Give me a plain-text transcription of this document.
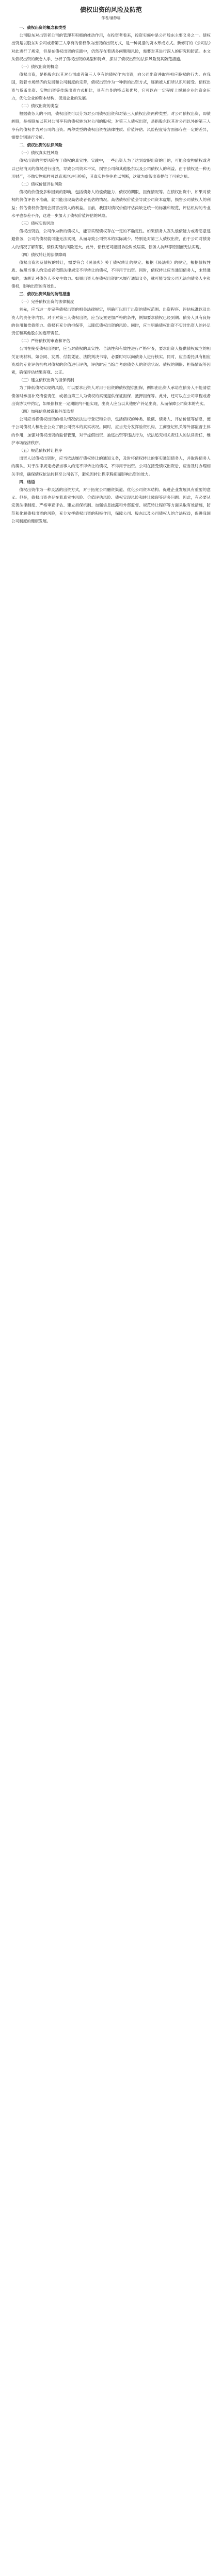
债权出资的风险及防范
作者/潘静瑶
一、债权出资的概念和类型

公司股东对出资者公司的管理有积极的推动作用，在投资者看来，投资实施中是公司股东主要义务之一。债权出资是以股东对公司或者第三人享有的债权作为出资的出资方式，是一种灵活的资本形成方式。新修订的《公司法》对此进行了规定，但是在债权出资的实践中，仍然存在着诸多问题和风险，需要对其进行深入的研究和防范。本文从债权出资的概念入手，分析了债权出资的类型和特点，探讨了债权出资的法律风险及其防范措施。

（一）债权出资的概念

债权出资，是指股东以其对公司或者第三人享有的债权作为出资，向公司出资并取得相应股权的行为。在我国，随着市场经济的发展和公司制度的完善，债权出资作为一种新的出资方式，逐渐被人们所认识和接受。债权出资与货币出资、实物出资等传统出资方式相比，具有自身的特点和优势，它可以在一定程度上缓解企业的资金压力，优化企业的资本结构，促进企业的发展。

（二）债权出资的类型

根据债务人的不同，债权出资可以分为对公司债权出资和对第三人债权出资两种类型。对公司债权出资，即债转股，是指股东以其对公司享有的债权转为对公司的股权；对第三人债权出资，是指股东以其对公司以外的第三人享有的债权作为对公司的出资。两种类型的债权出资在法律性质、价值评估、风险程度等方面都存在一定的差异，需要分别进行分析。

二、债权出资的法律风险

（一）债权真实性风险

债权出资的首要风险在于债权的真实性。实践中，一些出资人为了达到虚假出资的目的，可能会虚构债权或者以已经消灭的债权进行出资，导致公司资本不实，损害公司和其他股东以及公司债权人的利益。由于债权是一种无形财产，不像实物那样可以直观地进行检验，其真实性往往难以判断，这就为虚假出资提供了可乘之机。

（二）债权价值评估风险

债权的价值受多种因素的影响，包括债务人的偿债能力、债权的期限、担保情况等。在债权出资中，如果对债权的价值评估不准确，就可能出现高估或者低估的情况。高估债权价值会导致公司资本虚增，损害公司债权人的利益；低估债权价值则会损害出资人的利益。目前，我国对债权价值评估尚缺乏统一的标准和规范，评估机构的专业水平也参差不齐，这进一步加大了债权价值评估的风险。

（三）债权实现风险

债权出资后，公司作为新的债权人，能否实现债权存在一定的不确定性。如果债务人丧失偿债能力或者恶意逃避债务，公司的债权就可能无法实现，从而导致公司资本的实际减少。特别是对第三人债权出资，由于公司对债务人的情况了解有限，债权实现的风险更大。此外，债权还可能因诉讼时效届满、债务人抗辩等原因而无法实现。

（四）债权转让的法律障碍

债权出资涉及债权的转让，需要符合《民法典》关于债权转让的规定。根据《民法典》的规定，根据债权性质、按照当事人约定或者依照法律规定不得转让的债权，不得用于出资。同时，债权转让应当通知债务人，未经通知的，该转让对债务人不发生效力。如果出资人在债权出资时未履行通知义务，就可能导致公司无法向债务人主张债权，影响出资的有效性。

三、债权出资风险的防范措施

（一）完善债权出资的法律制度

首先，应当进一步完善债权出资的相关法律规定，明确可以用于出资的债权范围、出资程序、评估标准以及出资人的责任等内容。对于对第三人债权出资，应当设置更加严格的条件，例如要求债权已经到期、债务人具有良好的信用和偿债能力、债权有充分的担保等，以降低债权出资的风险。同时，应当明确债权出资不实时出资人的补足责任和其他股东的连带责任。

（二）严格债权的审查和评估

公司在接受债权出资时，应当对债权的真实性、合法性和有效性进行严格审查，要求出资人提供债权成立的相关证明材料，如合同、发票、付款凭证、法院判决书等，必要时可以向债务人进行核实。同时，应当委托具有相应资质的专业评估机构对债权的价值进行评估，评估时应当综合考虑债务人的资信状况、债权的期限、担保情况等因素，确保评估结果客观、公正。

（三）建立债权出资的担保机制

为了降低债权实现的风险，可以要求出资人对用于出资的债权提供担保，例如由出资人承诺在债务人不能清偿债务时承担补充清偿责任，或者由第三人为债权的实现提供保证担保、抵押担保等。此外，还可以在公司章程或者出资协议中约定，如果债权在一定期限内不能实现，出资人应当以其他财产补足出资，从而保障公司资本的充实。

（四）加强信息披露和外部监督

公司应当将债权出资的相关情况依法进行登记和公示，包括债权的种类、数额、债务人、评估价值等信息，便于公司债权人和社会公众了解公司资本的真实状况。同时，应当充分发挥验资机构、工商登记机关等外部监督主体的作用，加强对债权出资的监督管理，对于虚假出资、抽逃出资等违法行为，依法追究相关责任人的法律责任，维护市场经济秩序。

（五）规范债权转让程序

出资人以债权出资时，应当依法履行债权转让的通知义务，及时将债权转让的事实通知债务人，并取得债务人的确认。对于法律规定或者当事人约定不得转让的债权，不得用于出资。公司在接受债权出资后，应当及时办理相关手续，确保债权依法转移至公司名下，避免因转让程序瑕疵而影响出资的效力。

四、结语

债权出资作为一种灵活的出资方式，对于拓宽公司融资渠道、优化公司资本结构、促进企业发展具有重要的意义。但是，债权出资也存在着真实性风险、价值评估风险、债权实现风险和转让障碍等诸多问题。因此，有必要从完善法律制度、严格审查评估、建立担保机制、加强信息披露和外部监督、规范转让程序等方面采取有效措施，防范和化解债权出资的风险，充分发挥债权出资的积极作用，保障公司、股东以及公司债权人的合法权益，促进我国公司制度的健康发展。
